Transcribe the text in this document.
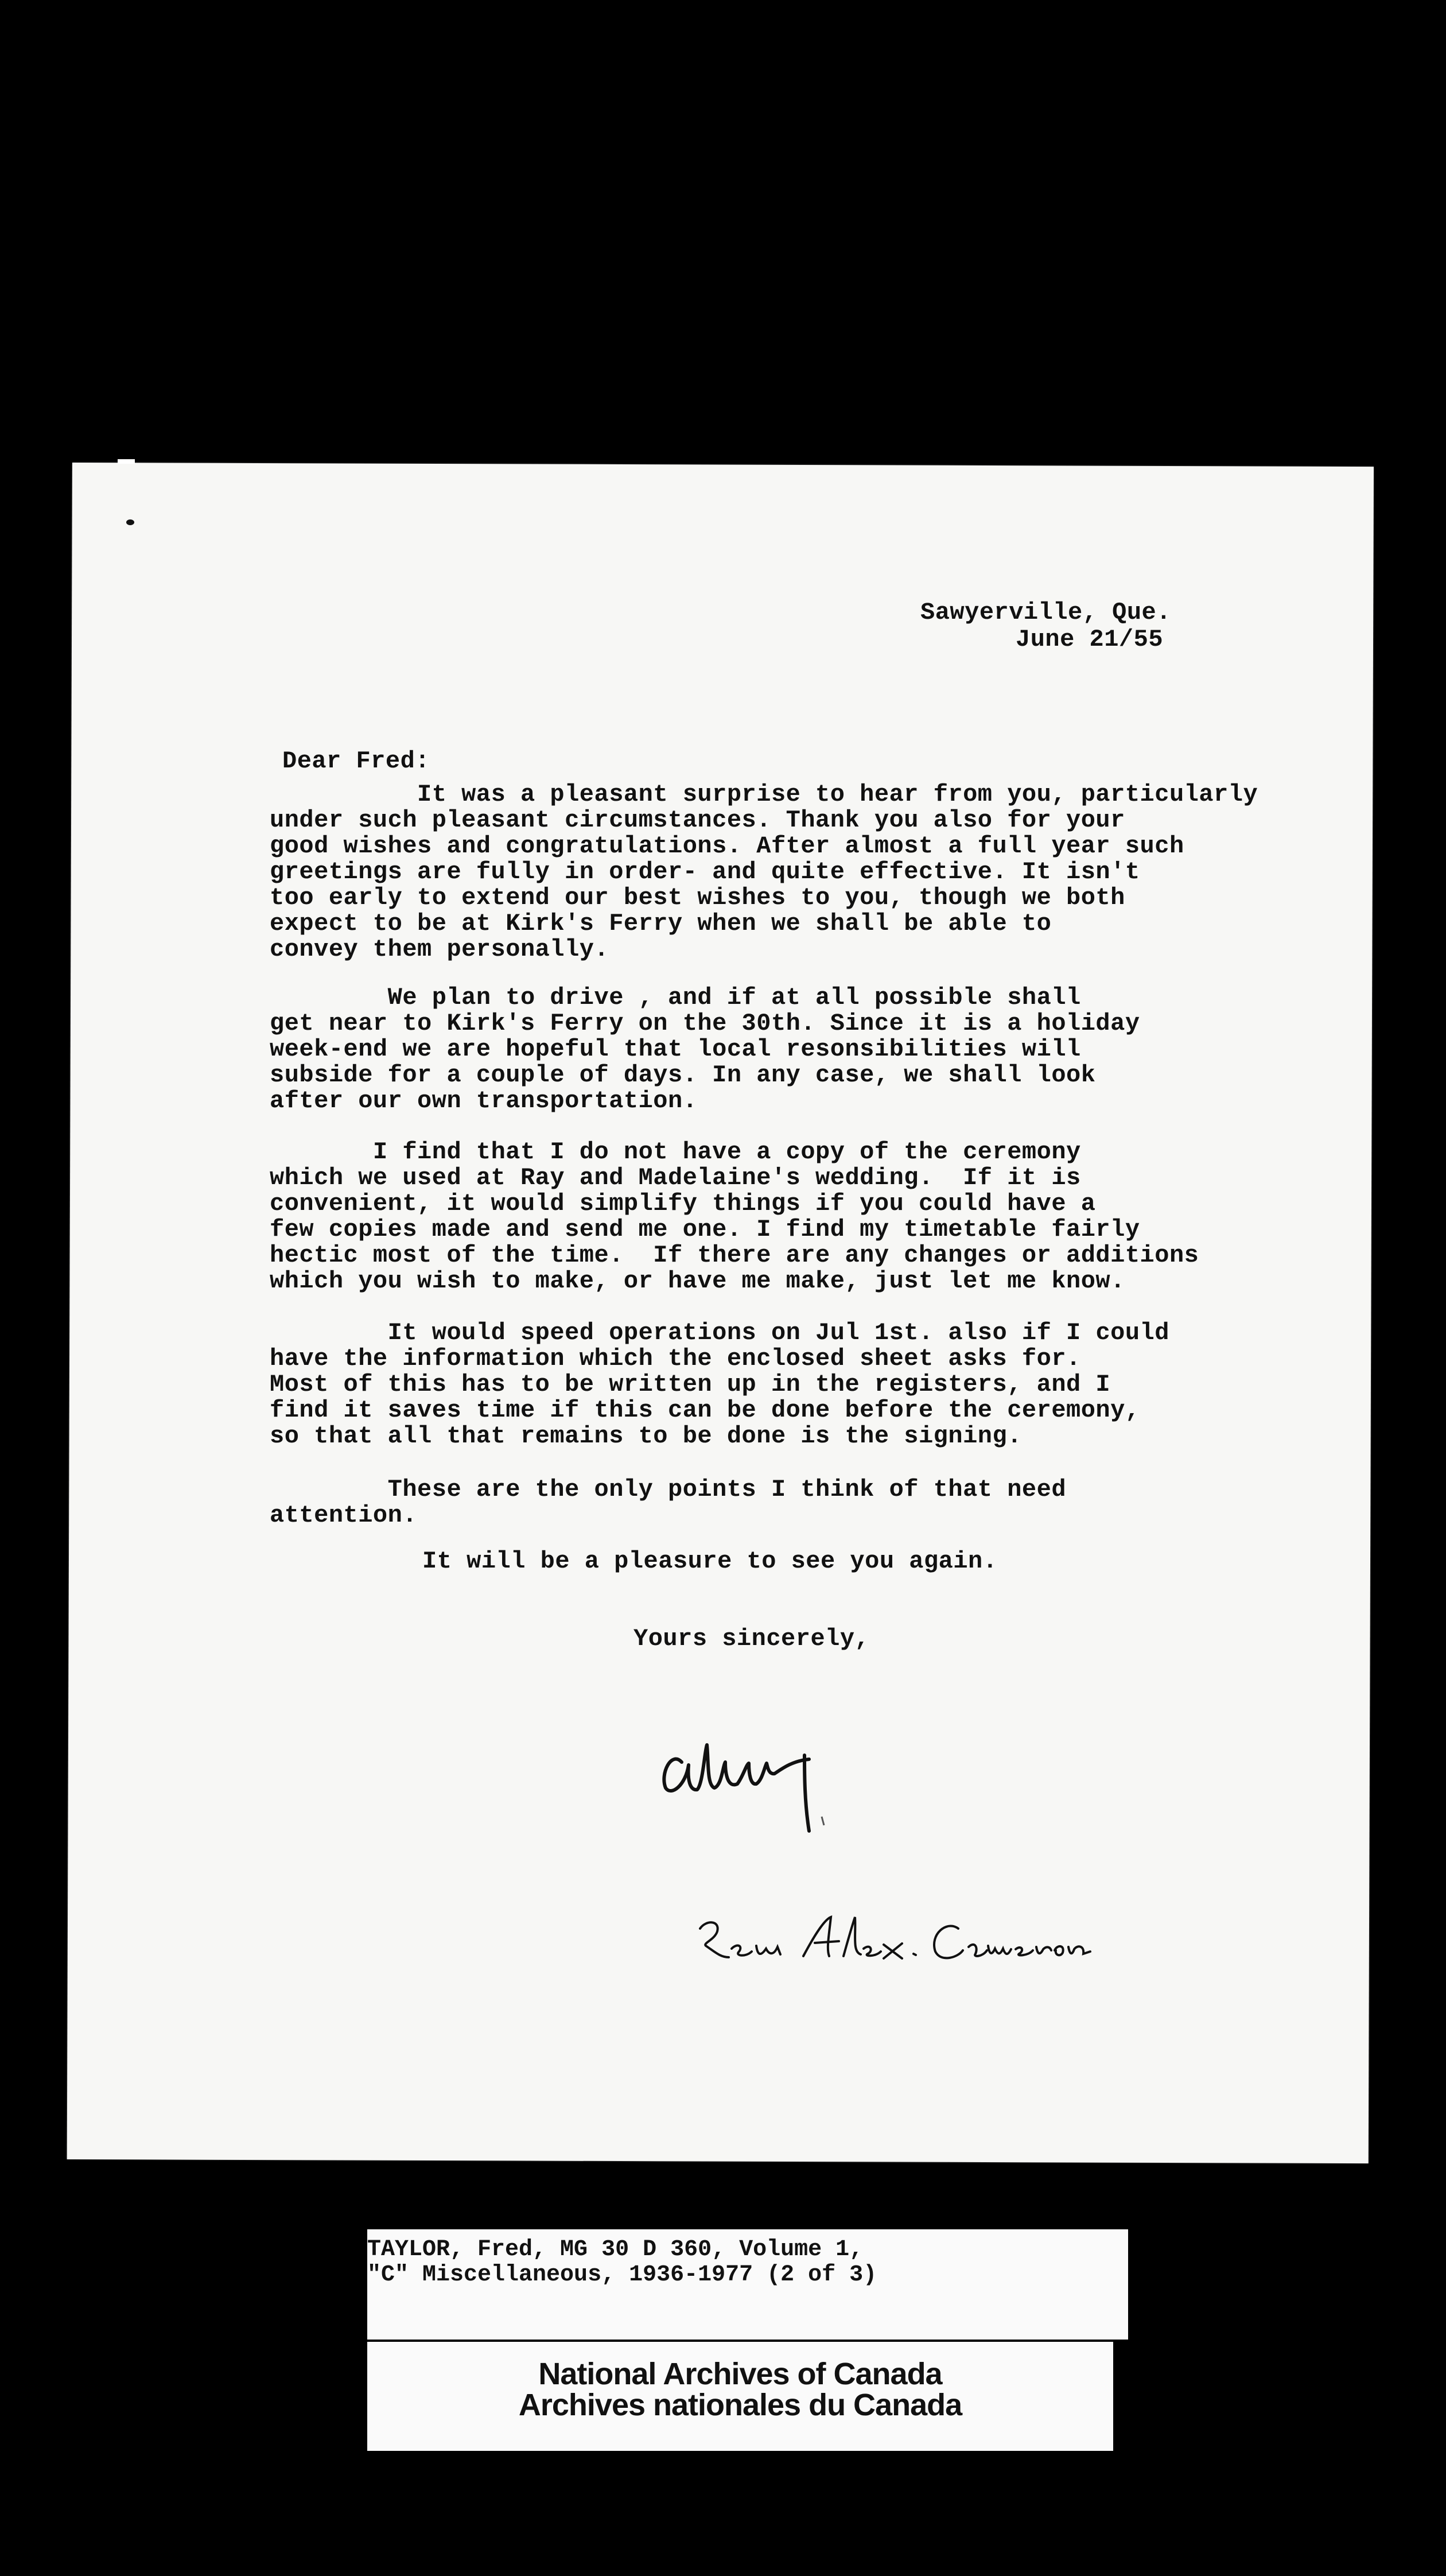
Sawyerville, Que.
June 21/55
Dear Fred:
It was a pleasant surprise to hear from you, particularly
under such pleasant circumstances. Thank you also for your
good wishes and congratulations. After almost a full year such
greetings are fully in order- and quite effective. It isn't
too early to extend our best wishes to you, though we both
expect to be at Kirk's Ferry when we shall be able to
convey them personally.
We plan to drive , and if at all possible shall
get near to Kirk's Ferry on the 30th. Since it is a holiday
week-end we are hopeful that local resonsibilities will
subside for a couple of days. In any case, we shall look
after our own transportation.
I find that I do not have a copy of the ceremony
which we used at Ray and Madelaine's wedding.  If it is
convenient, it would simplify things if you could have a
few copies made and send me one. I find my timetable fairly
hectic most of the time.  If there are any changes or additions
which you wish to make, or have me make, just let me know.
It would speed operations on Jul 1st. also if I could
have the information which the enclosed sheet asks for.
Most of this has to be written up in the registers, and I
find it saves time if this can be done before the ceremony,
so that all that remains to be done is the signing.
These are the only points I think of that need
attention.
It will be a pleasure to see you again.
Yours sincerely,
TAYLOR, Fred, MG 30 D 360, Volume 1,
"C" Miscellaneous, 1936-1977 (2 of 3)
National Archives of Canada
Archives nationales du Canada
